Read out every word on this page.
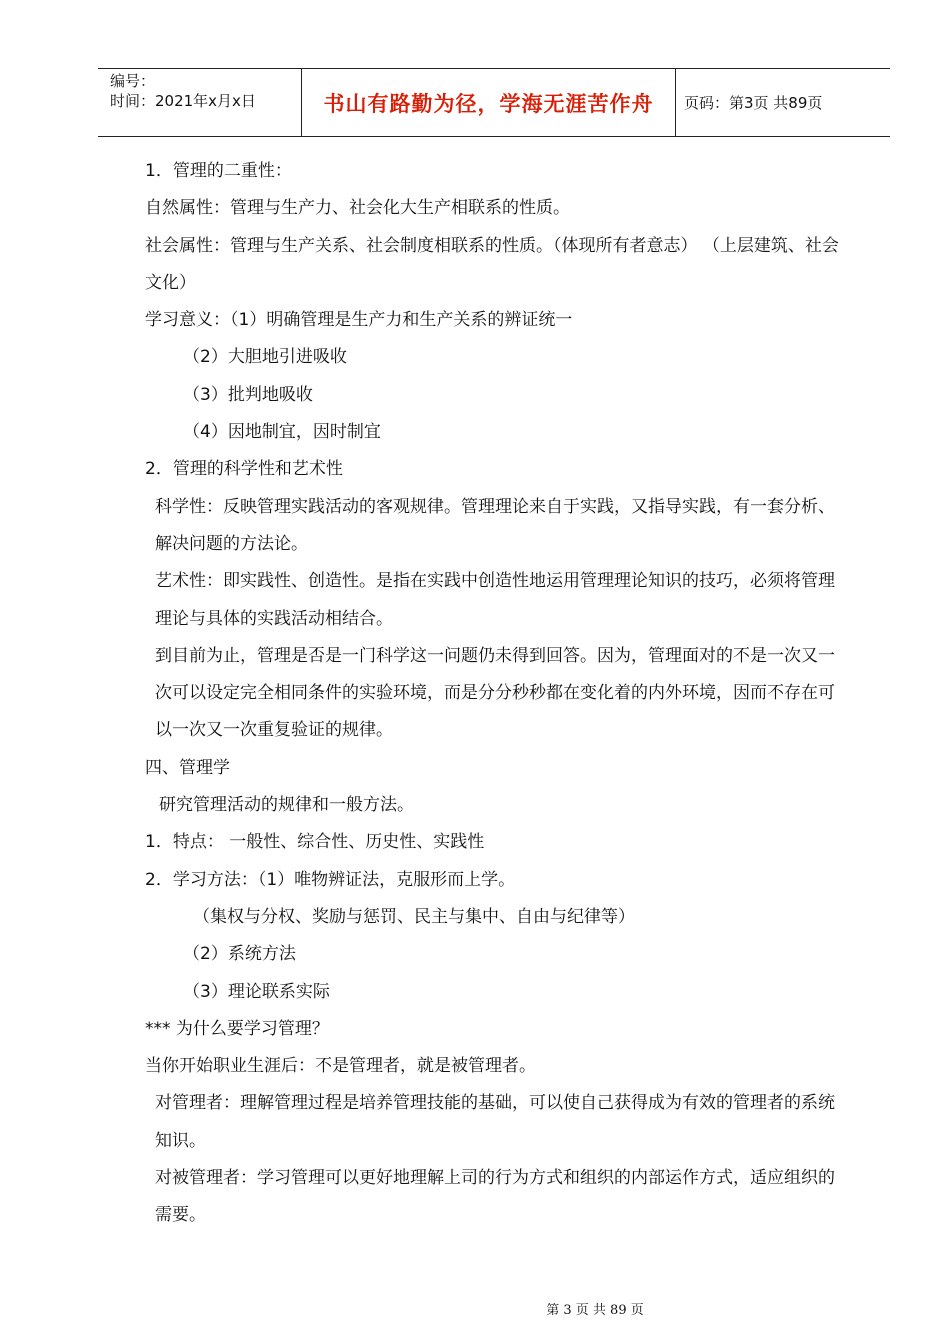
编号：
时间：2021年x月x日	书山有路勤为径，学海无涯苦作舟	页码：第3页 共89页

1．管理的二重性：

自然属性：管理与生产力、社会化大生产相联系的性质。

社会属性：管理与生产关系、社会制度相联系的性质。（体现所有者意志） （上层建筑、社会文化）

学习意义：（1）明确管理是生产力和生产关系的辨证统一

（2）大胆地引进吸收

（3）批判地吸收

（4）因地制宜，因时制宜

2．管理的科学性和艺术性

科学性：反映管理实践活动的客观规律。管理理论来自于实践，又指导实践，有一套分析、解决问题的方法论。

艺术性：即实践性、创造性。是指在实践中创造性地运用管理理论知识的技巧，必须将管理理论与具体的实践活动相结合。

到目前为止，管理是否是一门科学这一问题仍未得到回答。因为，管理面对的不是一次又一次可以设定完全相同条件的实验环境，而是分分秒秒都在变化着的内外环境，因而不存在可以一次又一次重复验证的规律。

四、管理学

研究管理活动的规律和一般方法。

1．特点： 一般性、综合性、历史性、实践性

2．学习方法：（1）唯物辨证法，克服形而上学。

（集权与分权、奖励与惩罚、民主与集中、自由与纪律等）

（2）系统方法

（3）理论联系实际

*** 为什么要学习管理？

当你开始职业生涯后：不是管理者，就是被管理者。

对管理者：理解管理过程是培养管理技能的基础，可以使自己获得成为有效的管理者的系统知识。

对被管理者：学习管理可以更好地理解上司的行为方式和组织的内部运作方式，适应组织的需要。

第 3 页 共 89 页
